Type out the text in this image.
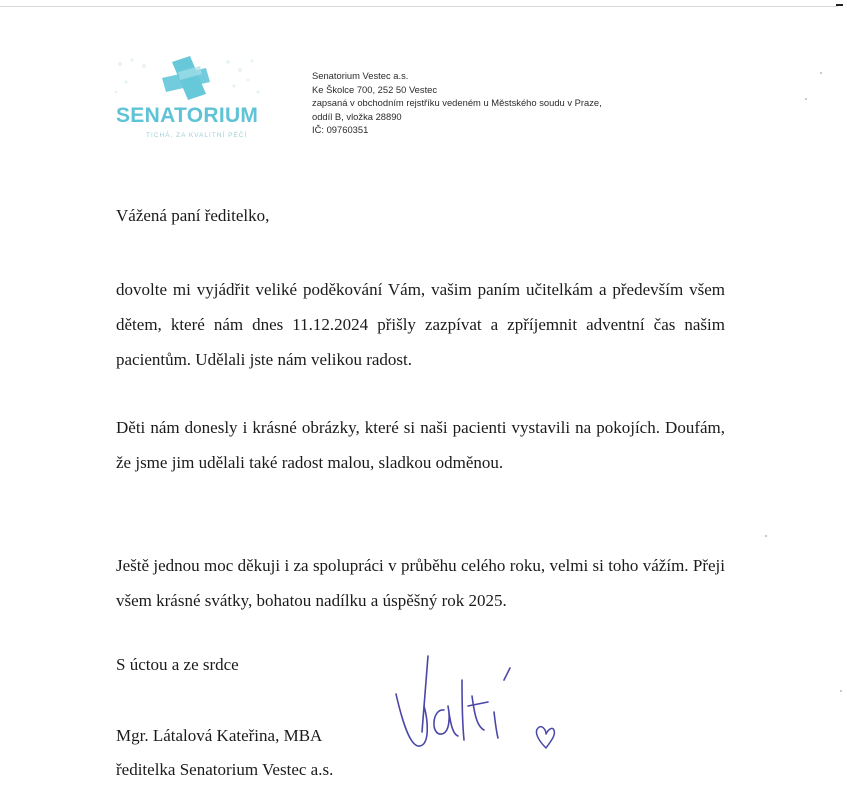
SENATORIUM
TICHÁ, ZA KVALITNÍ PÉČÍ
Senatorium Vestec a.s.
Ke Školce 700, 252 50 Vestec
zapsaná v obchodním rejstříku vedeném u Městského soudu v Praze,
oddíl B, vložka 28890
IČ: 09760351
Vážená paní ředitelko,

dovolte mi vyjádřit veliké poděkování Vám, vašim paním učitelkám a především všem dětem, které nám dnes 11.12.2024 přišly zazpívat a zpříjemnit adventní čas našim pacientům. Udělali jste nám velikou radost.

Děti nám donesly i krásné obrázky, které si naši pacienti vystavili na pokojích. Doufám, že jsme jim udělali také radost malou, sladkou odměnou.

Ještě jednou moc děkuji i za spolupráci v průběhu celého roku, velmi si toho vážím. Přeji všem krásné svátky, bohatou nadílku a úspěšný rok 2025.

S úctou a ze srdce
Mgr. Látalová Kateřina, MBA
ředitelka Senatorium Vestec a.s.
